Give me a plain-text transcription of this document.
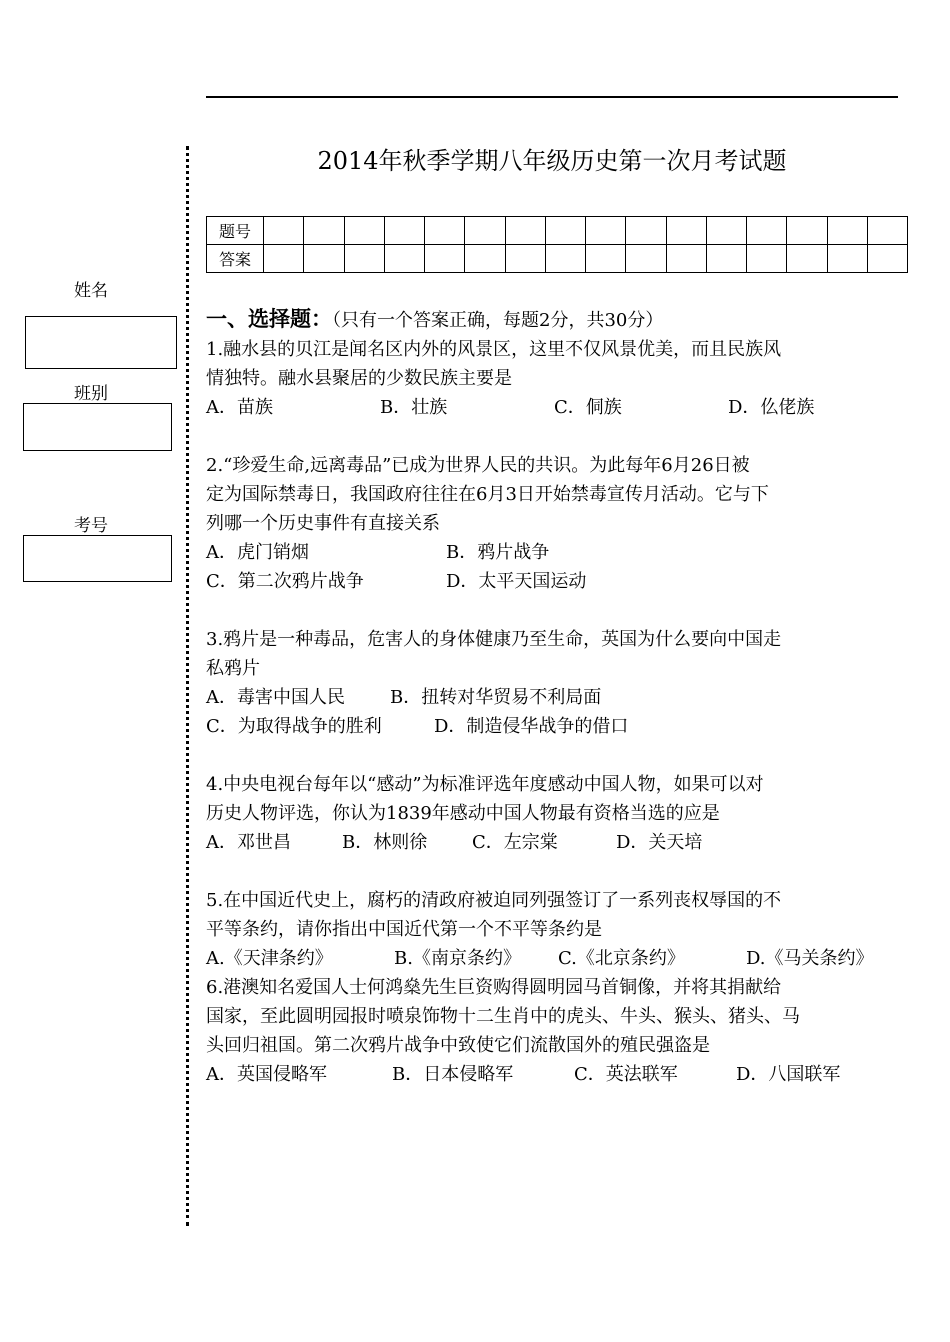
姓名
班别
考号
2014年秋季学期八年级历史第一次月考试题
题号																
答案																

一、选择题：（只有一个答案正确，每题2分，共30分）

1.融水县的贝江是闻名区内外的风景区，这里不仅风景优美，而且民族风

情独特。融水县聚居的少数民族主要是

A．苗族	B．壮族	C．侗族	D．仫佬族

2.“珍爱生命,远离毒品”已成为世界人民的共识。为此每年6月26日被

定为国际禁毒日，我国政府往往在6月3日开始禁毒宣传月活动。它与下

列哪一个历史事件有直接关系

A．虎门销烟	B．鸦片战争
C．第二次鸦片战争	D．太平天国运动

3.鸦片是一种毒品，危害人的身体健康乃至生命，英国为什么要向中国走

私鸦片

A．毒害中国人民	B．扭转对华贸易不利局面
C．为取得战争的胜利	D．制造侵华战争的借口

4.中央电视台每年以“感动”为标准评选年度感动中国人物，如果可以对

历史人物评选，你认为1839年感动中国人物最有资格当选的应是

A．邓世昌	B．林则徐	C．左宗棠	D．关天培

5.在中国近代史上，腐朽的清政府被迫同列强签订了一系列丧权辱国的不

平等条约，请你指出中国近代第一个不平等条约是

A.《天津条约》	B.《南京条约》	C.《北京条约》	D.《马关条约》

6.港澳知名爱国人士何鸿燊先生巨资购得圆明园马首铜像，并将其捐献给

国家，至此圆明园报时喷泉饰物十二生肖中的虎头、牛头、猴头、猪头、马

头回归祖国。第二次鸦片战争中致使它们流散国外的殖民强盗是

A．英国侵略军	B．日本侵略军	C．英法联军	D．八国联军
